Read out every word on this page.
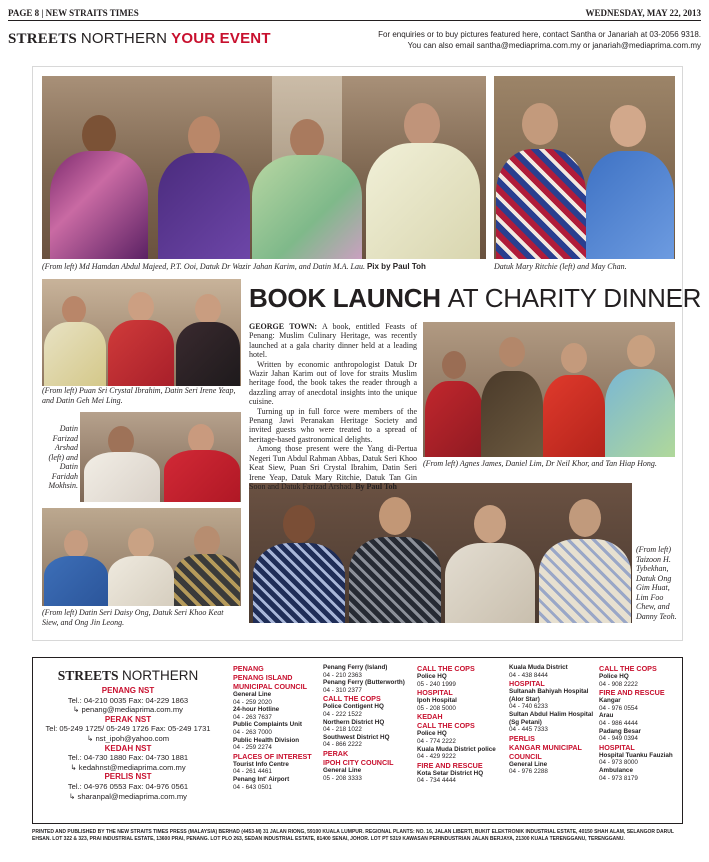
PAGE 8 | NEW STRAITS TIMES	WEDNESDAY, MAY 22, 2013
STREETS NORTHERN YOUR EVENT	For enquiries or to buy pictures featured here, contact Santha or Janariah at 03-2056 9318. You can also email santha@mediaprima.com.my or janariah@mediaprima.com.my
(From left) Md Hamdan Abdul Majeed, P.T. Ooi, Datuk Dr Wazir Jahan Karim, and Datin M.A. Lau. Pix by Paul Toh	Datuk Mary Ritchie (left) and May Chan.
(From left) Puan Sri Crystal Ibrahim, Datin Seri Irene Yeap, and Datin Geh Mei Ling.
Datin Farizad Arshad (left) and Datin Faridah Mokhsin.
(From left) Agnes James, Daniel Lim, Dr Neil Khor, and Tan Hiap Hong.
(From left) Datin Seri Daisy Ong, Datuk Seri Khoo Keat Siew, and Ong Jin Leong.
(From left) Taizoon H. Tybekhan, Datuk Ong Gim Huat, Lim Foo Chew, and Danny Teoh.
BOOK LAUNCH AT CHARITY DINNER

GEORGE TOWN: A book, entitled Feasts of Penang: Muslim Culinary Heritage, was recently launched at a gala charity dinner held at a leading hotel.

Written by economic anthropologist Datuk Dr Wazir Jahan Karim out of love for straits Muslim heritage food, the book takes the reader through a dazzling array of anecdotal insights into the unique cuisine.

Turning up in full force were members of the Penang Jawi Peranakan Heritage Society and invited guests who were treated to a spread of heritage-based gastronomical delights.

Among those present were the Yang di-Pertua Negeri Tun Abdul Rahman Abbas, Datuk Seri Khoo Keat Siew, Puan Sri Crystal Ibrahim, Datin Seri Irene Yeap, Datuk Mary Ritchie, Datuk Tan Gin Soon and Datuk Farizad Arshad. By Paul Toh

STREETS NORTHERN
PENANG NST
Tel.: 04-210 0035 Fax: 04-229 1863
↳ penang@mediaprima.com.my
PERAK NST
Tel: 05-249 1725/ 05-249 1726 Fax: 05-249 1731
↳ nst_ipoh@yahoo.com
KEDAH NST
Tel.: 04-730 1880 Fax: 04-730 1881
↳ kedahnst@mediaprima.com.my
PERLIS NST
Tel.: 04-976 0553 Fax: 04-976 0561
↳ sharanpal@mediaprima.com.my
PENANG
PENANG ISLAND MUNICIPAL COUNCIL
General Line
04 - 259 2020
24-hour Hotline
04 - 263 7637
Public Complaints Unit
04 - 263 7000
Public Health Division
04 - 259 2274
PLACES OF INTEREST
Tourist Info Centre
04 - 261 4461
Penang Int' Airport
04 - 643 0501
Penang Ferry (Island)
04 - 210 2363
Penang Ferry (Butterworth)
04 - 310 2377
CALL THE COPS
Police Contigent HQ
04 - 222 1522
Northern District HQ
04 - 218 1022
Southwest District HQ
04 - 866 2222
PERAK
IPOH CITY COUNCIL
General Line
05 - 208 3333
CALL THE COPS
Police HQ
05 - 240 1999
HOSPITAL
Ipoh Hospital
05 - 208 5000
KEDAH
CALL THE COPS
Police HQ
04 - 774 2222
Kuala Muda District police
04 - 429 9222
FIRE AND RESCUE
Kota Setar District HQ
04 - 734 4444
Kuala Muda District
04 - 438 8444
HOSPITAL
Sultanah Bahiyah Hospital (Alor Star)
04 - 740 6233
Sultan Abdul Halim Hospital (Sg Petani)
04 - 445 7333
PERLIS
KANGAR MUNICIPAL COUNCIL
General Line
04 - 976 2288
CALL THE COPS
Police HQ
04 - 908 2222
FIRE AND RESCUE
Kangar
04 - 976 0554
Arau
04 - 986 4444
Padang Besar
04 - 949 0394
HOSPITAL
Hospital Tuanku Fauziah
04 - 973 8000
Ambulance
04 - 973 8179
PRINTED AND PUBLISHED BY THE NEW STRAITS TIMES PRESS (MALAYSIA) BERHAD (4453-M) 31 JALAN RIONG, 59100 KUALA LUMPUR. REGIONAL PLANTS: NO. 16, JALAN LIBERTI, BUKIT ELEKTRONIK INDUSTRIAL ESTATE, 40150 SHAH ALAM, SELANGOR DARUL EHSAN. LOT 322 & 323, PRAI INDUSTRIAL ESTATE, 13600 PRAI, PENANG. LOT PLO 263, SEDAN INDUSTRIAL ESTATE, 81400 SENAI, JOHOR. LOT PT 5319 KAWASAN PERINDUSTRIAN JALAN BERJAYA, 21300 KUALA TERENGGANU, TERENGGANU.
